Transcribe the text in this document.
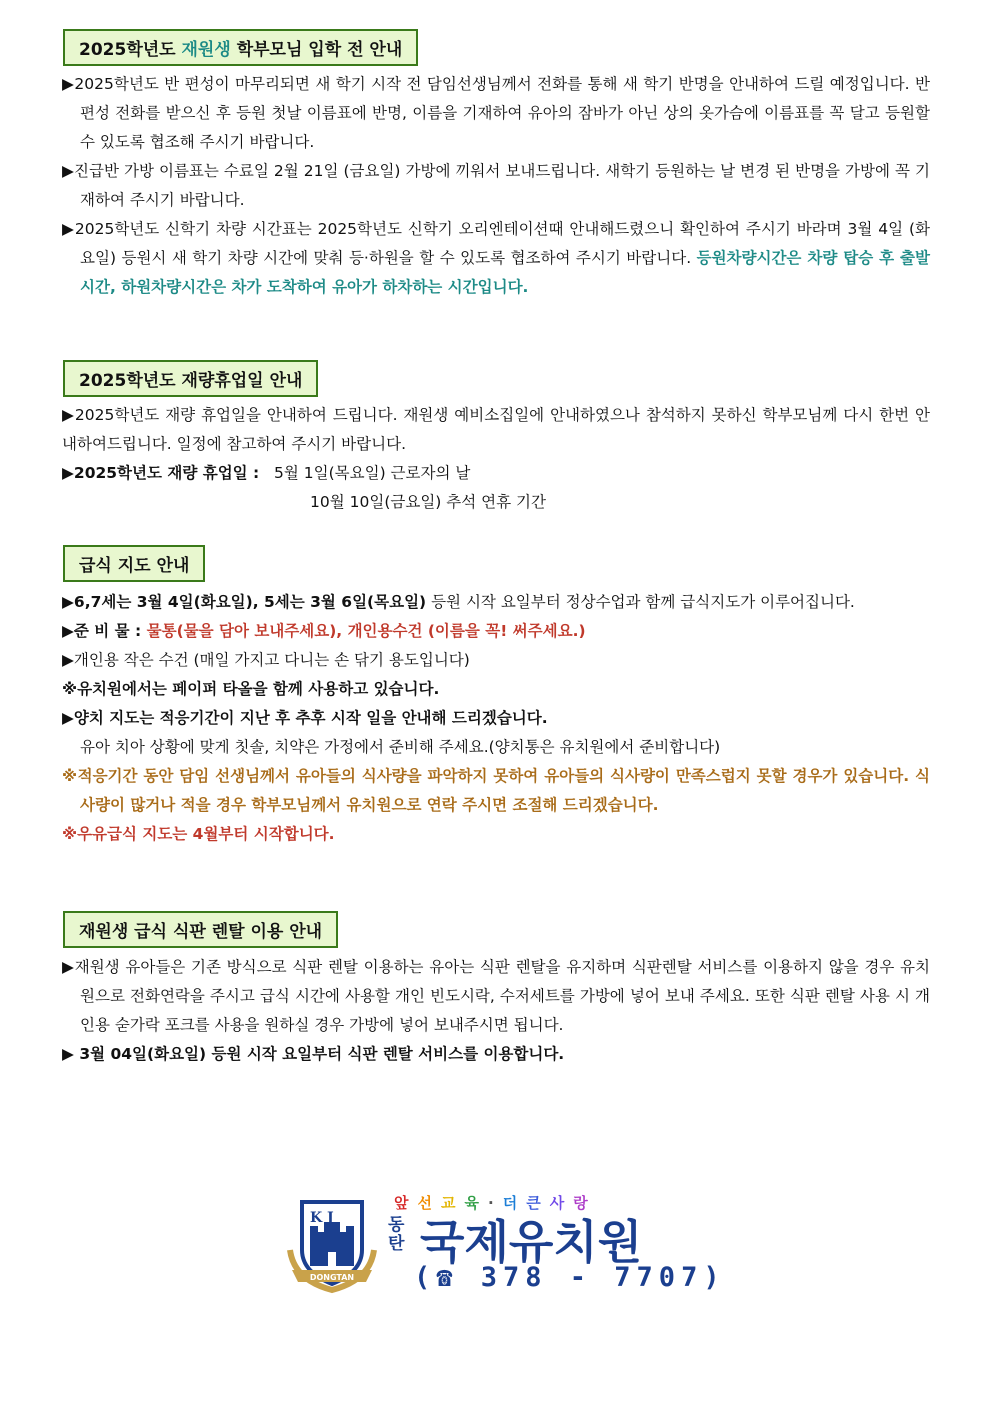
2025학년도 재원생 학부모님 입학 전 안내
▶2025학년도 반 편성이 마무리되면 새 학기 시작 전 담임선생님께서 전화를 통해 새 학기 반명을 안내하여 드릴 예정입니다. 반 편성 전화를 받으신 후 등원 첫날 이름표에 반명, 이름을 기재하여 유아의 잠바가 아닌 상의 옷가슴에 이름표를 꼭 달고 등원할 수 있도록 협조해 주시기 바랍니다.
▶진급반 가방 이름표는 수료일 2월 21일 (금요일) 가방에 끼워서 보내드립니다. 새학기 등원하는 날 변경 된 반명을 가방에 꼭 기재하여 주시기 바랍니다.
▶2025학년도 신학기 차량 시간표는 2025학년도 신학기 오리엔테이션때 안내해드렸으니 확인하여 주시기 바라며 3월 4일 (화요일) 등원시 새 학기 차량 시간에 맞춰 등·하원을 할 수 있도록 협조하여 주시기 바랍니다. 등원차량시간은 차량 탑승 후 출발시간, 하원차량시간은 차가 도착하여 유아가 하차하는 시간입니다.
2025학년도 재량휴업일 안내
▶2025학년도 재량 휴업일을 안내하여 드립니다. 재원생 예비소집일에 안내하였으나 참석하지 못하신 학부모님께 다시 한번 안내하여드립니다. 일정에 참고하여 주시기 바랍니다.
▶2025학년도 재량 휴업일 : 5월 1일(목요일) 근로자의 날
10월 10일(금요일) 추석 연휴 기간
급식 지도 안내
▶6,7세는 3월 4일(화요일), 5세는 3월 6일(목요일) 등원 시작 요일부터 정상수업과 함께 급식지도가 이루어집니다.
▶준 비 물 : 물통(물을 담아 보내주세요), 개인용수건 (이름을 꼭! 써주세요.)
▶개인용 작은 수건 (매일 가지고 다니는 손 닦기 용도입니다)
※유치원에서는 페이퍼 타올을 함께 사용하고 있습니다.
▶양치 지도는 적응기간이 지난 후 추후 시작 일을 안내해 드리겠습니다.
유아 치아 상황에 맞게 칫솔, 치약은 가정에서 준비해 주세요.(양치통은 유치원에서 준비합니다)
※적응기간 동안 담임 선생님께서 유아들의 식사량을 파악하지 못하여 유아들의 식사량이 만족스럽지 못할 경우가 있습니다. 식사량이 많거나 적을 경우 학부모님께서 유치원으로 연락 주시면 조절해 드리겠습니다.
※우유급식 지도는 4월부터 시작합니다.
재원생 급식 식판 렌탈 이용 안내
▶재원생 유아들은 기존 방식으로 식판 렌탈 이용하는 유아는 식판 렌탈을 유지하며 식판렌탈 서비스를 이용하지 않을 경우 유치원으로 전화연락을 주시고 급식 시간에 사용할 개인 빈도시락, 수저세트를 가방에 넣어 보내 주세요. 또한 식판 렌탈 사용 시 개인용 숟가락 포크를 사용을 원하실 경우 가방에 넣어 보내주시면 됩니다.
▶ 3월 04일(화요일) 등원 시작 요일부터 식판 렌탈 서비스를 이용합니다.
K J
DONGTAN
앞선교육·더큰사랑
동탄 국제유치원
(☎ 378 - 7707)
